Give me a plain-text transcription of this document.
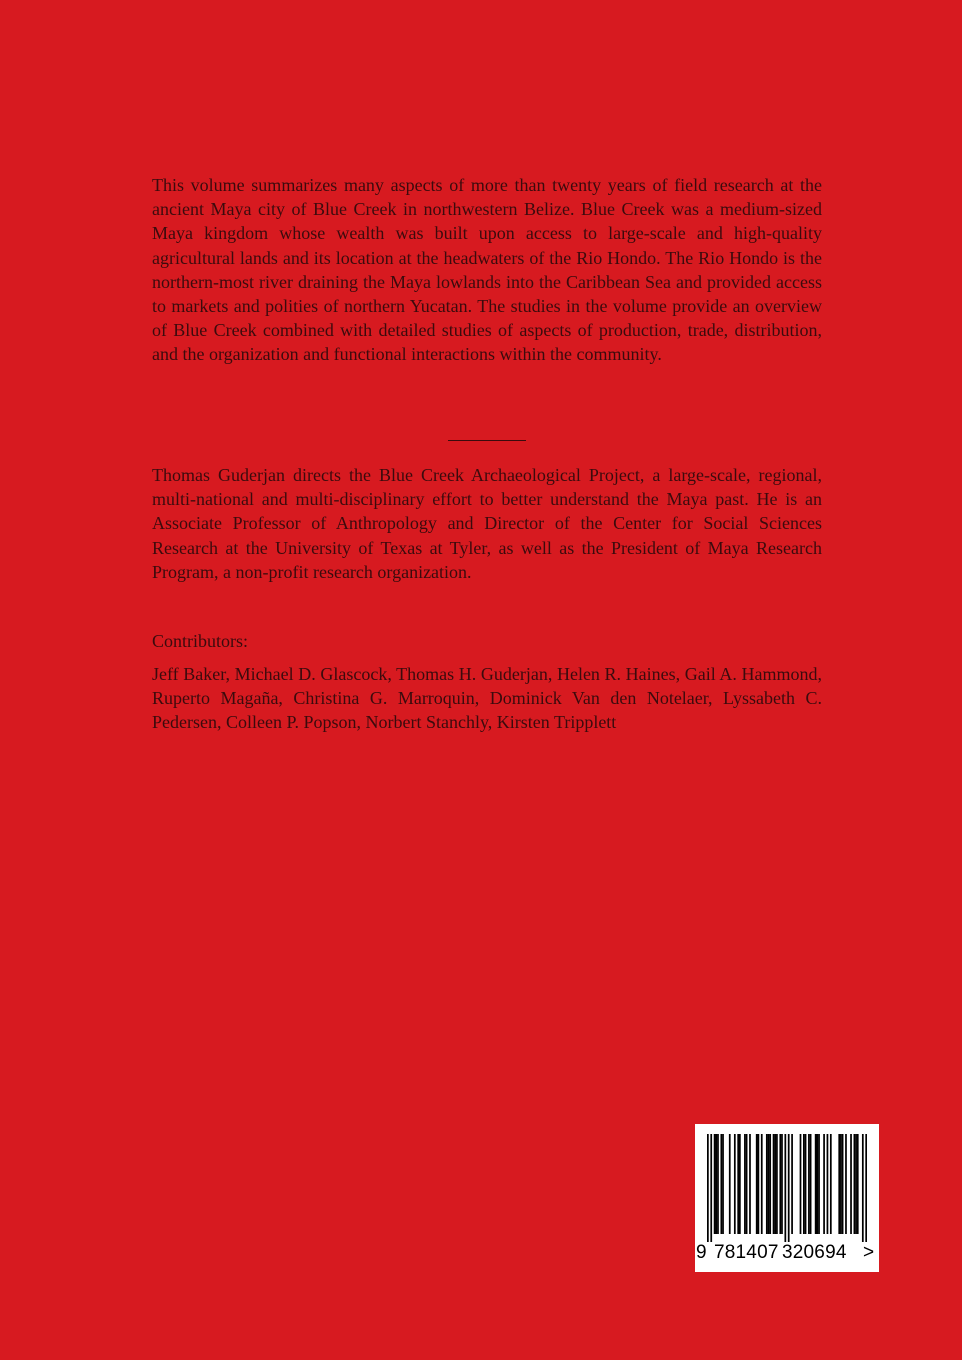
This volume summarizes many aspects of more than twenty years of field research at the ancient Maya city of Blue Creek in northwestern Belize. Blue Creek was a medium-sized Maya kingdom whose wealth was built upon access to large-scale and high-quality agricultural lands and its location at the headwaters of the Rio Hondo. The Rio Hondo is the northern-most river draining the Maya lowlands into the Caribbean Sea and provided access to markets and polities of northern Yucatan. The studies in the volume provide an overview of Blue Creek combined with detailed studies of aspects of production, trade, distribution, and the organization and functional interactions within the community.

Thomas Guderjan directs the Blue Creek Archaeological Project, a large-scale, regional, multi-national and multi-disciplinary effort to better understand the Maya past. He is an Associate Professor of Anthropology and Director of the Center for Social Sciences Research at the University of Texas at Tyler, as well as the President of Maya Research Program, a non-profit research organization.

Contributors:

Jeff Baker, Michael D. Glascock, Thomas H. Guderjan, Helen R. Haines, Gail A. Hammond, Ruperto Magaña, Christina G. Marroquin, Dominick Van den Notelaer, Lyssabeth C. Pedersen, Colleen P. Popson, Norbert Stanchly, Kirsten Tripplett

9 781407 320694 >
